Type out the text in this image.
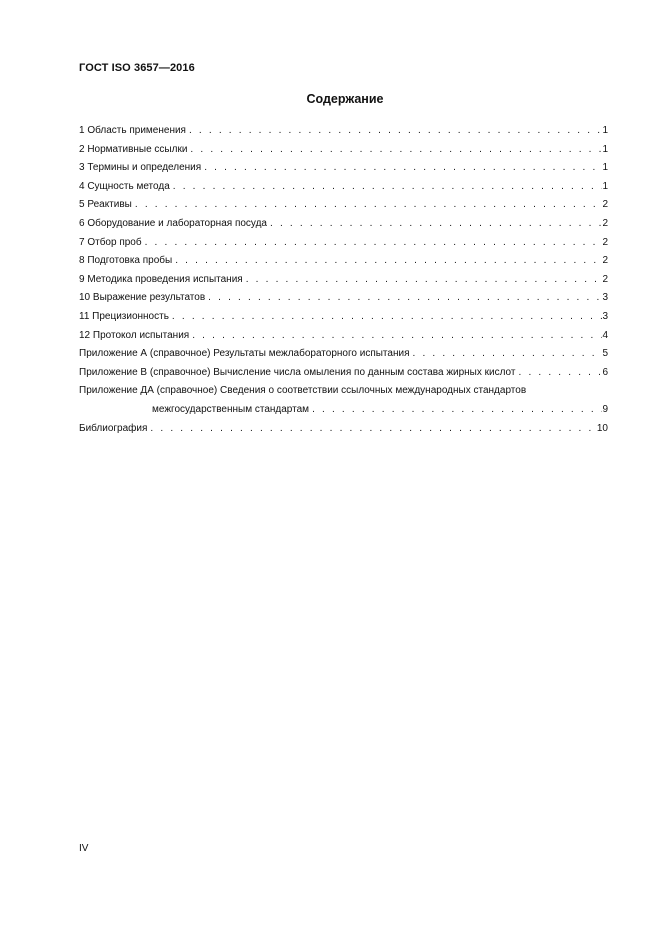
ГОСТ ISO 3657—2016
Содержание
1 Область применения . . .	1
2 Нормативные ссылки . . .	1
3 Термины и определения . . .	1
4 Сущность метода . . .	1
5 Реактивы . . .	2
6 Оборудование и лабораторная посуда . . .	2
7 Отбор проб . . .	2
8 Подготовка пробы . . .	2
9 Методика проведения испытания . . .	2
10 Выражение результатов . . .	3
11 Прецизионность . . .	3
12 Протокол испытания . . .	4
Приложение А (справочное) Результаты межлабораторного испытания . . .	5
Приложение В (справочное) Вычисление числа омыления по данным состава жирных кислот . . .	6
Приложение ДА (справочное) Сведения о соответствии ссылочных международных стандартов
межгосударственным стандартам . . .	9
Библиография . . .	10
IV
